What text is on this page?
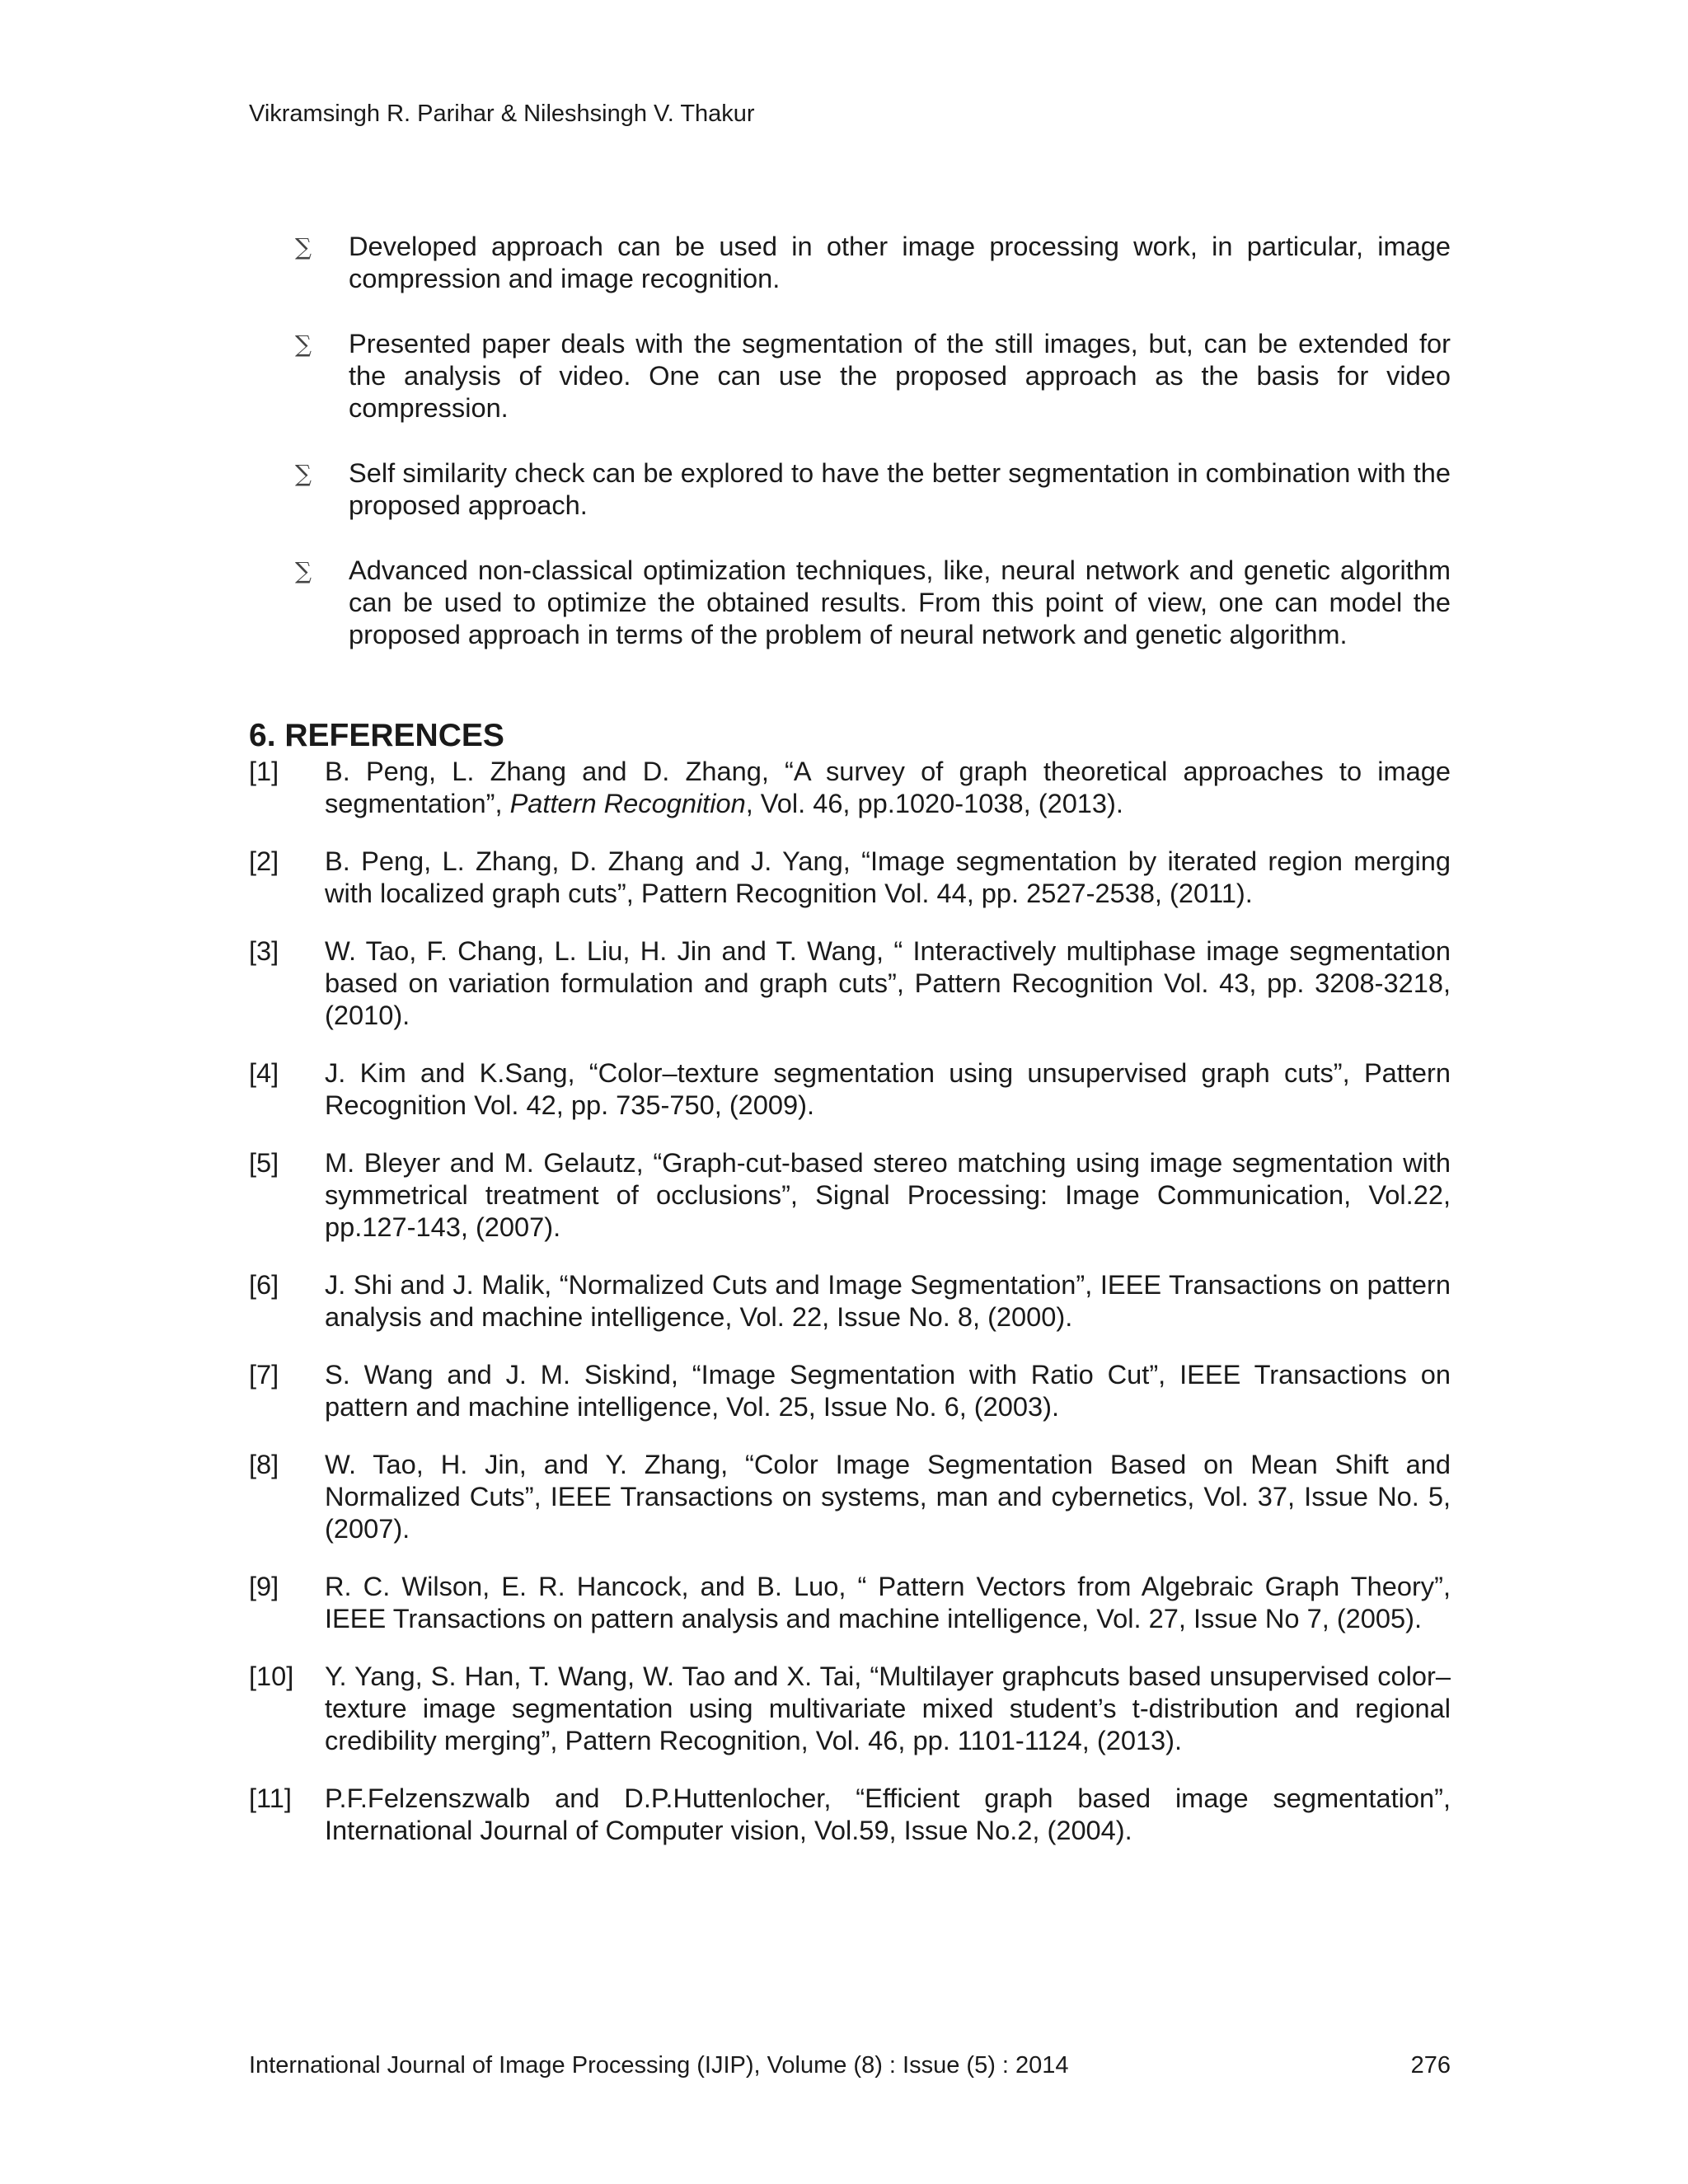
Vikramsingh R. Parihar & Nileshsingh V. Thakur
∑ Developed approach can be used in other image processing work, in particular, image compression and image recognition.
∑ Presented paper deals with the segmentation of the still images, but, can be extended for the analysis of video. One can use the proposed approach as the basis for video compression.
∑ Self similarity check can be explored to have the better segmentation in combination with the proposed approach.
∑ Advanced non-classical optimization techniques, like, neural network and genetic algorithm can be used to optimize the obtained results. From this point of view, one can model the proposed approach in terms of the problem of neural network and genetic algorithm.
6. REFERENCES
[1] B. Peng, L. Zhang and D. Zhang, “A survey of graph theoretical approaches to image segmentation”, Pattern Recognition, Vol. 46, pp.1020-1038, (2013).
[2] B. Peng, L. Zhang, D. Zhang and J. Yang, “Image segmentation by iterated region merging with localized graph cuts”, Pattern Recognition Vol. 44, pp. 2527-2538, (2011).
[3] W. Tao, F. Chang, L. Liu, H. Jin and T. Wang, “ Interactively multiphase image segmentation based on variation formulation and graph cuts”, Pattern Recognition Vol. 43, pp. 3208-3218, (2010).
[4] J. Kim and K.Sang, “Color–texture segmentation using unsupervised graph cuts”, Pattern Recognition Vol. 42, pp. 735-750, (2009).
[5] M. Bleyer and M. Gelautz, “Graph-cut-based stereo matching using image segmentation with symmetrical treatment of occlusions”, Signal Processing: Image Communication, Vol.22, pp.127-143, (2007).
[6] J. Shi and J. Malik, “Normalized Cuts and Image Segmentation”, IEEE Transactions on pattern analysis and machine intelligence, Vol. 22, Issue No. 8, (2000).
[7] S. Wang and J. M. Siskind, “Image Segmentation with Ratio Cut”, IEEE Transactions on pattern and machine intelligence, Vol. 25, Issue No. 6, (2003).
[8] W. Tao, H. Jin, and Y. Zhang, “Color Image Segmentation Based on Mean Shift and Normalized Cuts”, IEEE Transactions on systems, man and cybernetics, Vol. 37, Issue No. 5, (2007).
[9] R. C. Wilson, E. R. Hancock, and B. Luo, “ Pattern Vectors from Algebraic Graph Theory”, IEEE Transactions on pattern analysis and machine intelligence, Vol. 27, Issue No 7, (2005).
[10] Y. Yang, S. Han, T. Wang, W. Tao and X. Tai, “Multilayer graphcuts based unsupervised color–texture image segmentation using multivariate mixed student’s t-distribution and regional credibility merging”, Pattern Recognition, Vol. 46, pp. 1101-1124, (2013).
[11] P.F.Felzenszwalb and D.P.Huttenlocher, “Efficient graph based image segmentation”, International Journal of Computer vision, Vol.59, Issue No.2, (2004).
International Journal of Image Processing (IJIP), Volume (8) : Issue (5) : 2014	276
